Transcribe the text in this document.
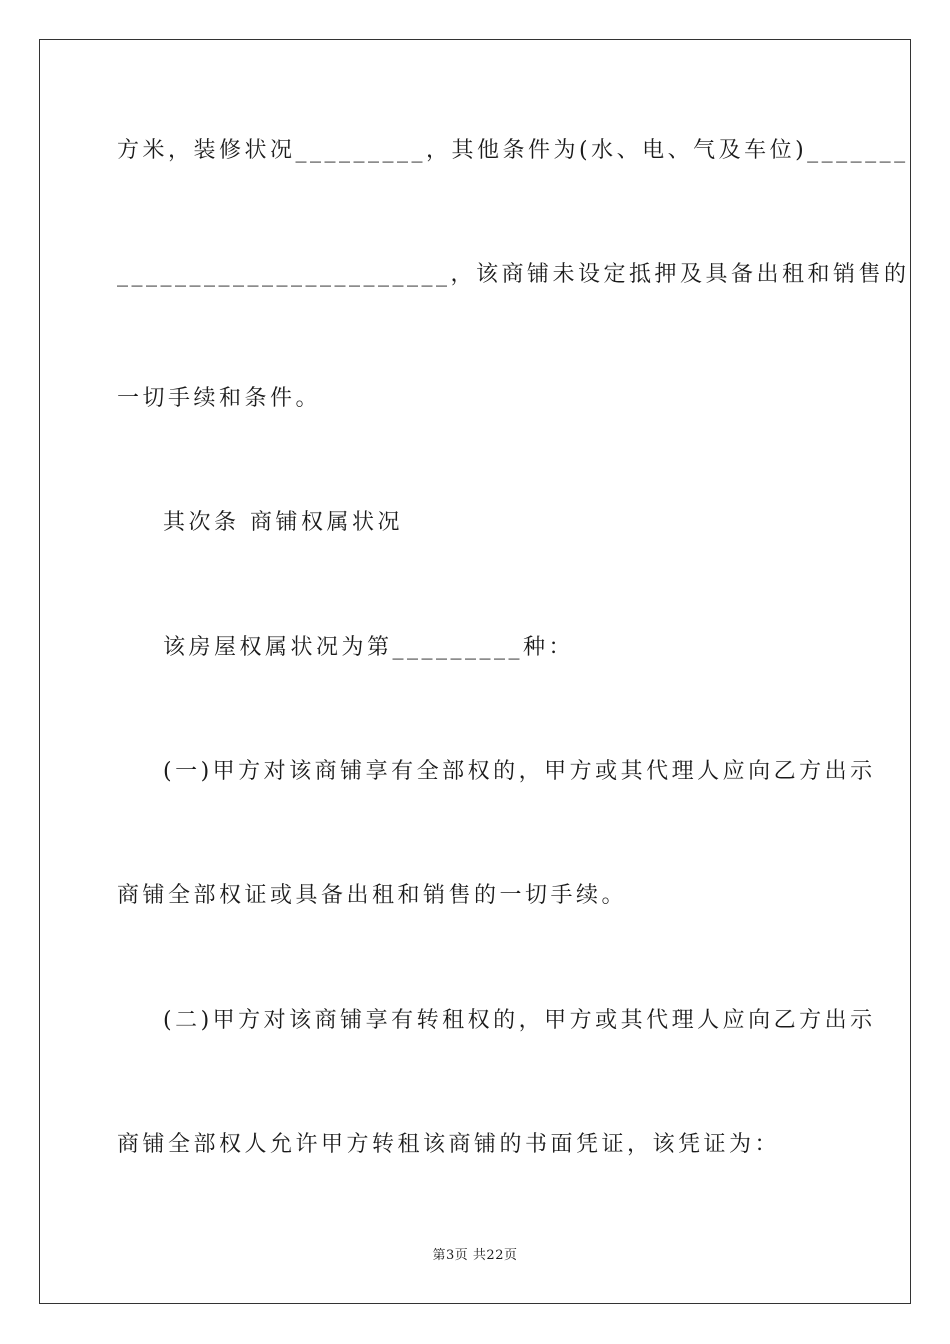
方米，装修状况_________，其他条件为(水、电、气及车位)_______
_______________________，该商铺未设定抵押及具备出租和销售的
一切手续和条件。
其次条 商铺权属状况
该房屋权属状况为第_________种：
(一)甲方对该商铺享有全部权的，甲方或其代理人应向乙方出示
商铺全部权证或具备出租和销售的一切手续。
(二)甲方对该商铺享有转租权的，甲方或其代理人应向乙方出示
商铺全部权人允许甲方转租该商铺的书面凭证，该凭证为：
第3页 共22页
